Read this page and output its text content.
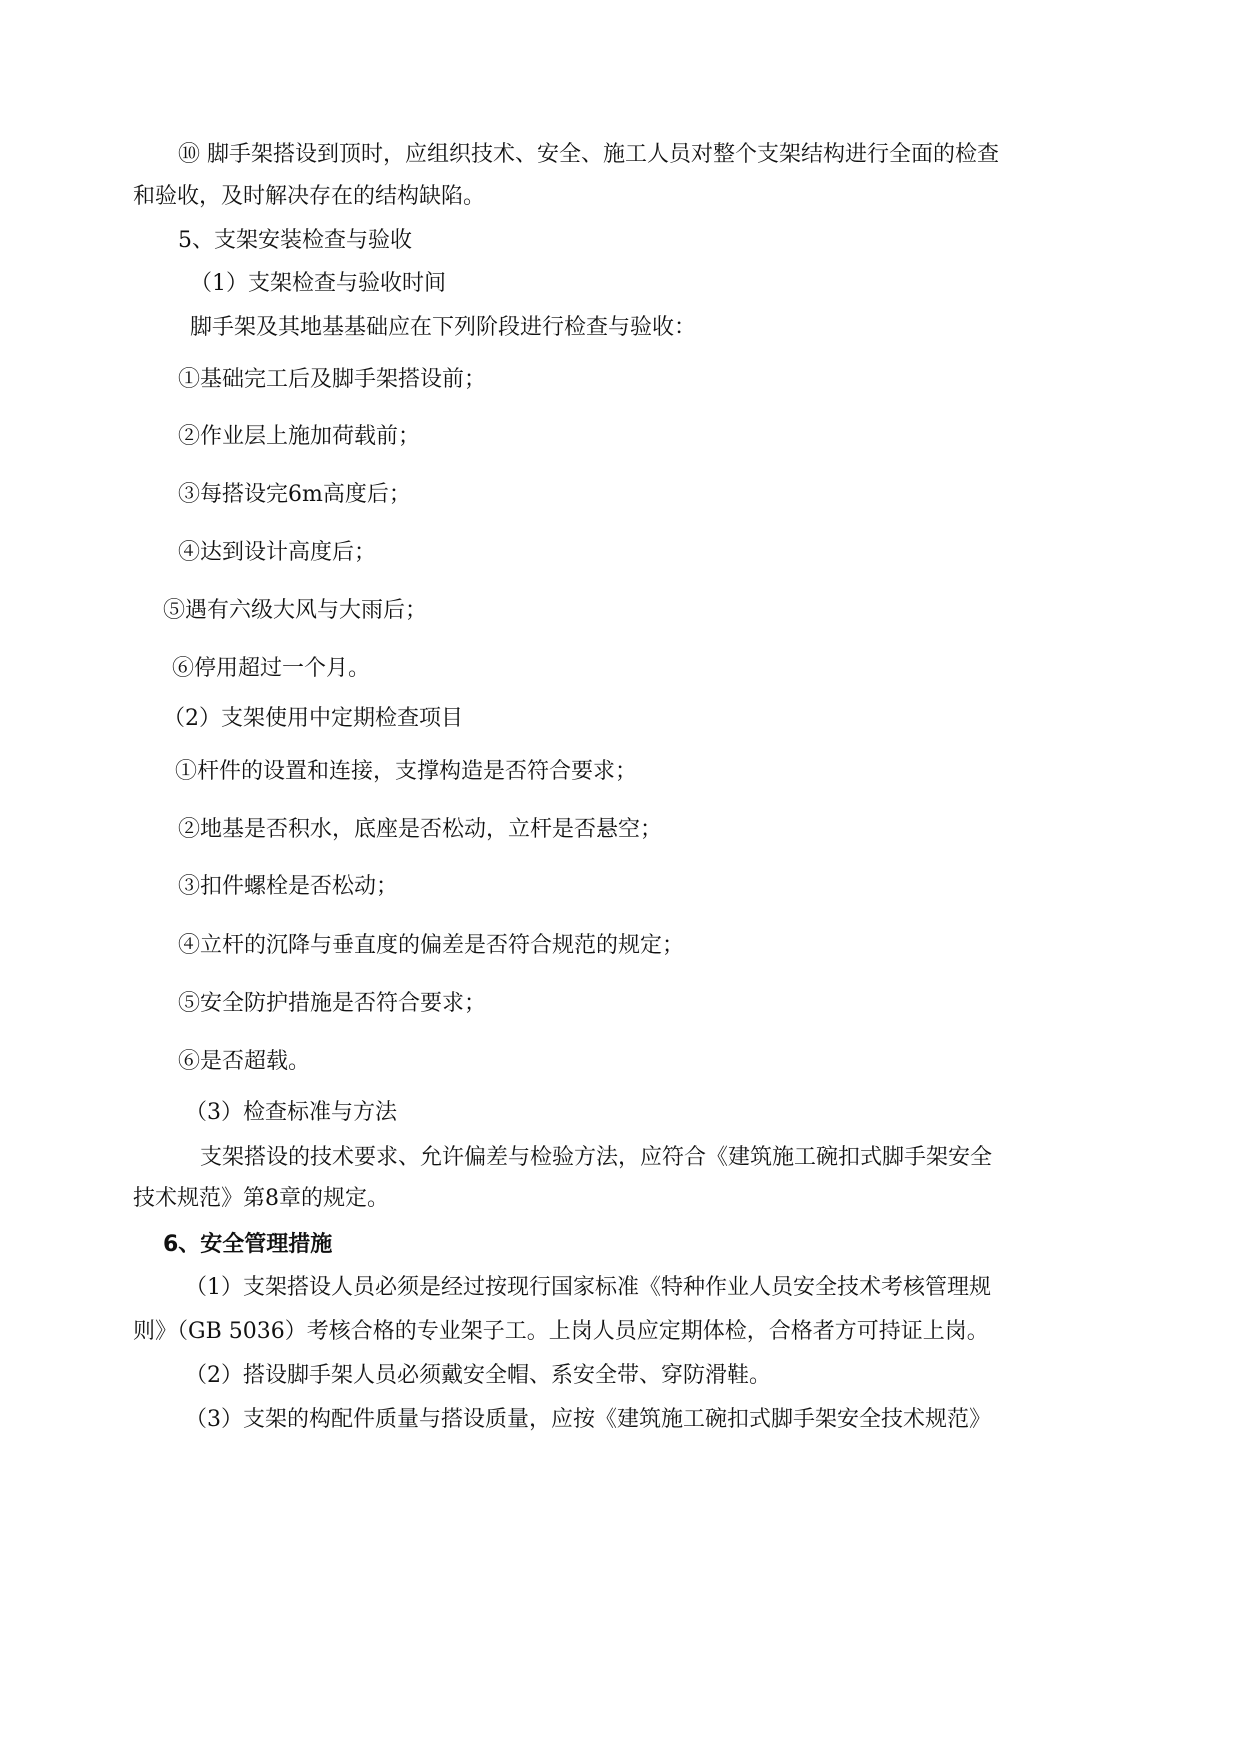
⑩ 脚手架搭设到顶时，应组织技术、安全、施工人员对整个支架结构进行全面的检查

和验收，及时解决存在的结构缺陷。

5、支架安装检查与验收

（1）支架检查与验收时间

脚手架及其地基基础应在下列阶段进行检查与验收：

①基础完工后及脚手架搭设前；

②作业层上施加荷载前；

③每搭设完6m高度后；

④达到设计高度后；

⑤遇有六级大风与大雨后；

⑥停用超过一个月。

（2）支架使用中定期检查项目

①杆件的设置和连接，支撑构造是否符合要求；

②地基是否积水，底座是否松动，立杆是否悬空；

③扣件螺栓是否松动；

④立杆的沉降与垂直度的偏差是否符合规范的规定；

⑤安全防护措施是否符合要求；

⑥是否超载。

（3）检查标准与方法

支架搭设的技术要求、允许偏差与检验方法，应符合《建筑施工碗扣式脚手架安全

技术规范》第8章的规定。

6、安全管理措施

（1）支架搭设人员必须是经过按现行国家标准《特种作业人员安全技术考核管理规

则》（GB 5036）考核合格的专业架子工。上岗人员应定期体检，合格者方可持证上岗。

（2）搭设脚手架人员必须戴安全帽、系安全带、穿防滑鞋。

（3）支架的构配件质量与搭设质量，应按《建筑施工碗扣式脚手架安全技术规范》
